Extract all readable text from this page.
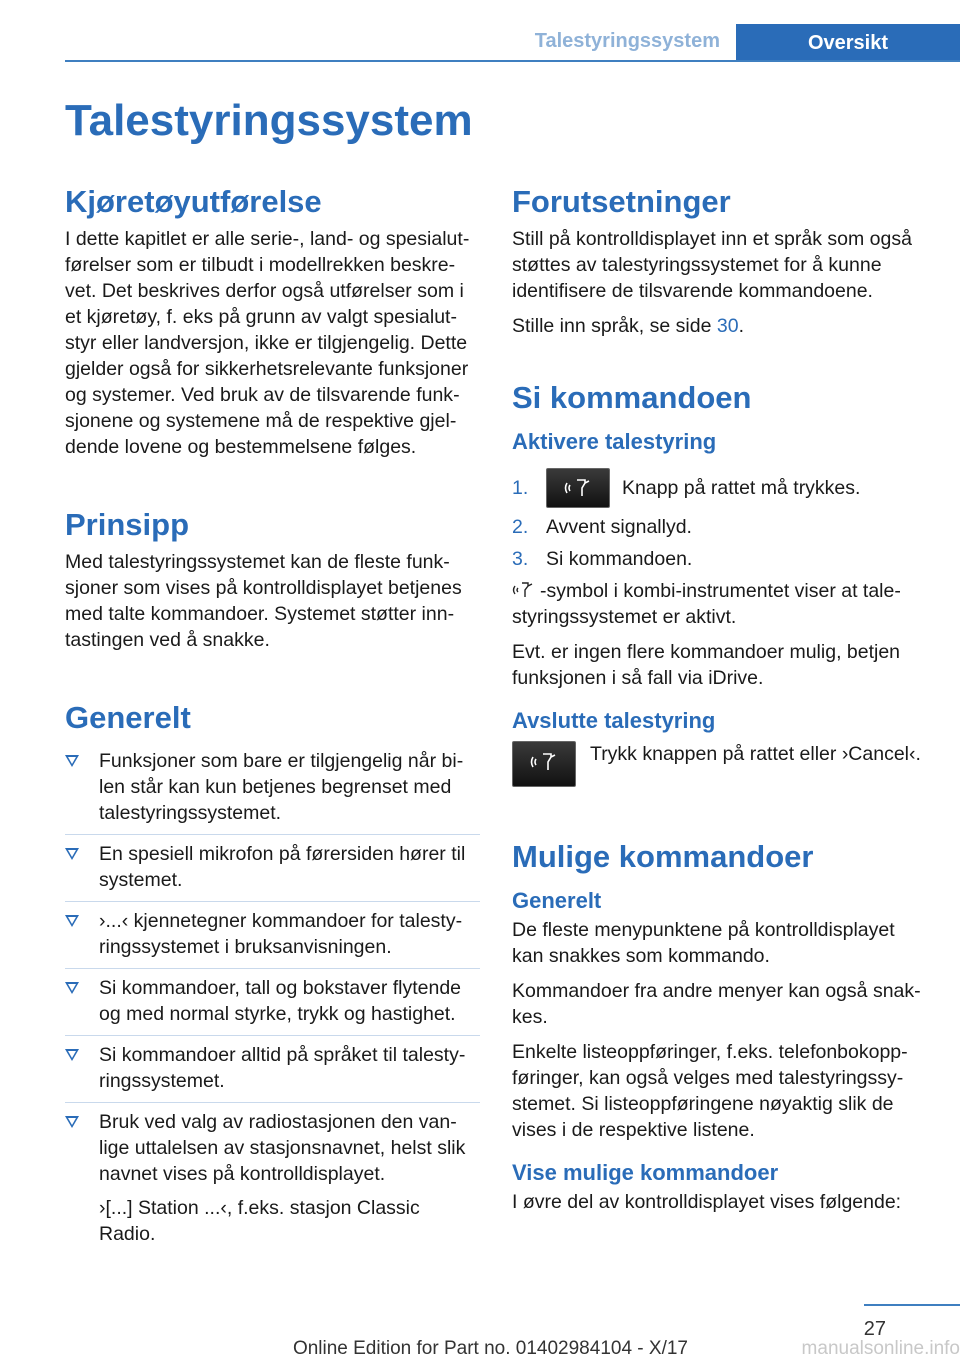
Talestyringssystem	Oversikt
Talestyringssystem
Kjøretøyutførelse

I dette kapitlet er alle serie-, land- og spesialutførelser som er tilbudt i modellrekken beskrevet. Det beskrives derfor også utførelser som i et kjøretøy, f. eks på grunn av valgt spesialutstyr eller landversjon, ikke er tilgjengelig. Dette gjelder også for sikkerhetsrelevante funksjoner og systemer. Ved bruk av de tilsvarende funksjonene og systemene må de respektive gjeldende lovene og bestemmelsene følges.

Prinsipp

Med talestyringssystemet kan de fleste funksjoner som vises på kontrolldisplayet betjenes med talte kommandoer. Systemet støtter inntastingen ved å snakke.

Generelt
Funksjoner som bare er tilgjengelig når bilen står kan kun betjenes begrenset med talestyringssystemet.
En spesiell mikrofon på førersiden hører til systemet.
›...‹ kjennetegner kommandoer for talestyringssystemet i bruksanvisningen.
Si kommandoer, tall og bokstaver flytende og med normal styrke, trykk og hastighet.
Si kommandoer alltid på språket til talestyringssystemet.
Bruk ved valg av radiostasjonen den vanlige uttalelsen av stasjonsnavnet, helst slik navnet vises på kontrolldisplayet.
›[...] Station ...‹, f.eks. stasjon Classic Radio.
Forutsetninger

Still på kontrolldisplayet inn et språk som også støttes av talestyringssystemet for å kunne identifisere de tilsvarende kommandoene.

Stille inn språk, se side 30.

Si kommandoen
Aktivere talestyring
1.	Knapp på rattet må trykkes.
2. Avvent signallyd.
3. Si kommandoen.

-symbol i kombi-instrumentet viser at talestyringssystemet er aktivt.

Evt. er ingen flere kommandoer mulig, betjen funksjonen i så fall via iDrive.

Avslutte talestyring
Trykk knappen på rattet eller ›Cancel‹.
Mulige kommandoer
Generelt

De fleste menypunktene på kontrolldisplayet kan snakkes som kommando.

Kommandoer fra andre menyer kan også snakkes.

Enkelte listeoppføringer, f.eks. telefonbokoppføringer, kan også velges med talestyringssystemet. Si listeoppføringene nøyaktig slik de vises i de respektive listene.

Vise mulige kommandoer

I øvre del av kontrolldisplayet vises følgende:

27
Online Edition for Part no. 01402984104 - X/17	manualsonline.info
